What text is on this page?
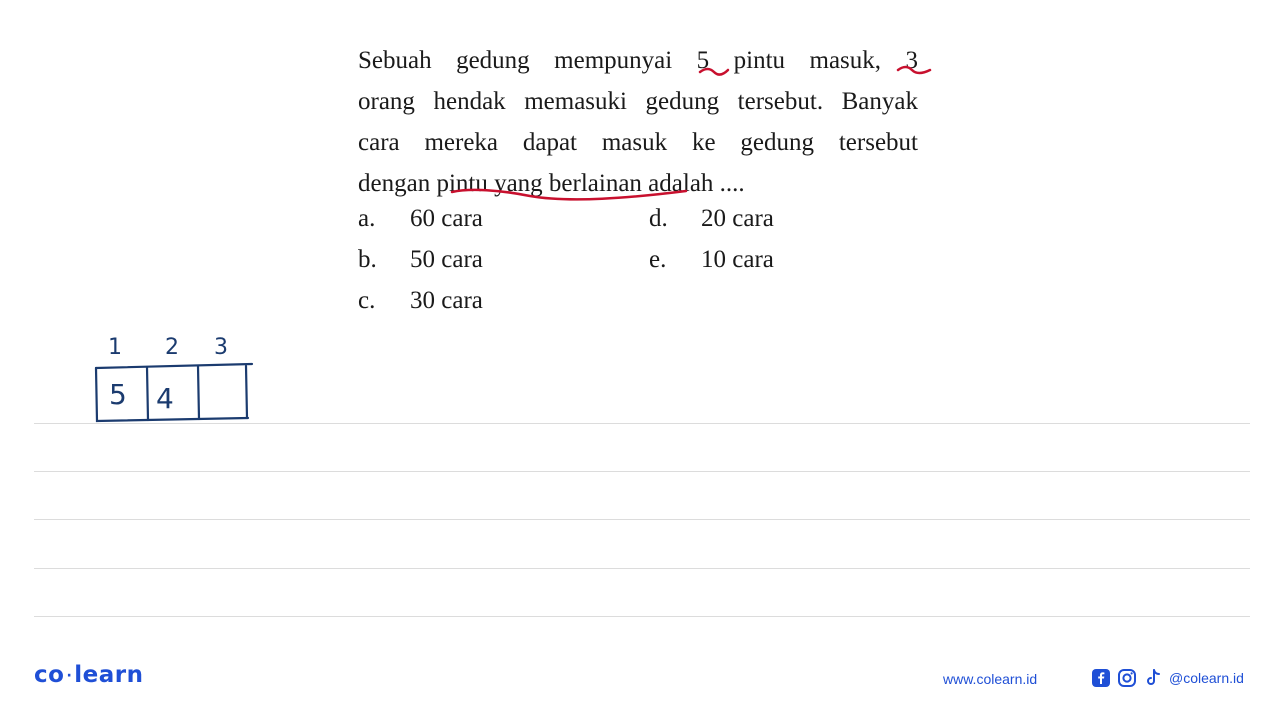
Sebuah gedung mempunyai 5 pintu masuk, 3

orang hendak memasuki gedung tersebut. Banyak

cara mereka dapat masuk ke gedung tersebut

dengan pintu yang berlainan adalah ....

a. 60 cara
b. 50 cara
c. 30 cara
d. 20 cara
e. 10 cara
1 2 3
5 4
co ·learn	www.colearn.id	@colearn.id
